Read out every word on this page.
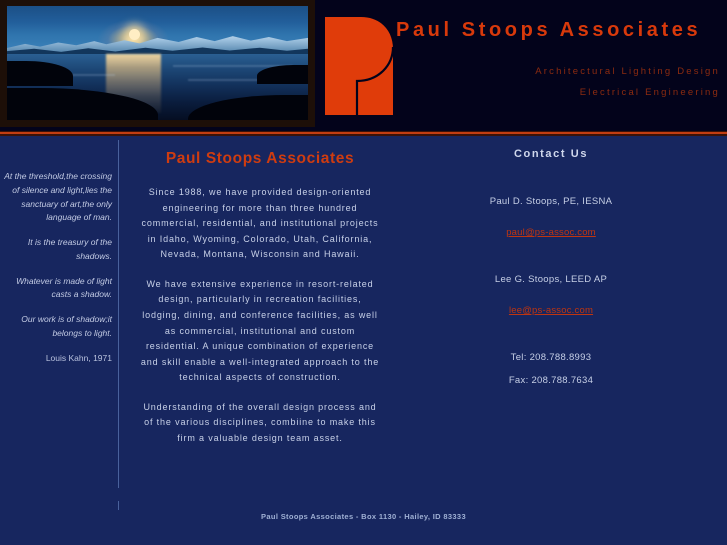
Paul Stoops Associates
Architectural Lighting Design
Electrical Engineering

At the threshold,the crossing of silence and light,lies the sanctuary of art,the only language of man.

It is the treasury of the shadows.

Whatever is made of light casts a shadow.

Our work is of shadow;it belongs to light.

Louis Kahn, 1971

Paul Stoops Associates

Since 1988, we have provided design-oriented engineering for more than three hundred commercial, residential, and institutional projects in Idaho, Wyoming, Colorado, Utah, California, Nevada, Montana, Wisconsin and Hawaii.

We have extensive experience in resort-related design, particularly in recreation facilities, lodging, dining, and conference facilities, as well as commercial, institutional and custom residential. A unique combination of experience and skill enable a well-integrated approach to the technical aspects of construction.

Understanding of the overall design process and of the various disciplines, combiine to make this firm a valuable design team asset.

Contact Us
Paul D. Stoops, PE, IESNA
paul@ps-assoc.com
Lee G. Stoops, LEED AP
lee@ps-assoc.com
Tel: 208.788.8993
Fax: 208.788.7634
Paul Stoops Associates - Box 1130 - Hailey, ID 83333
